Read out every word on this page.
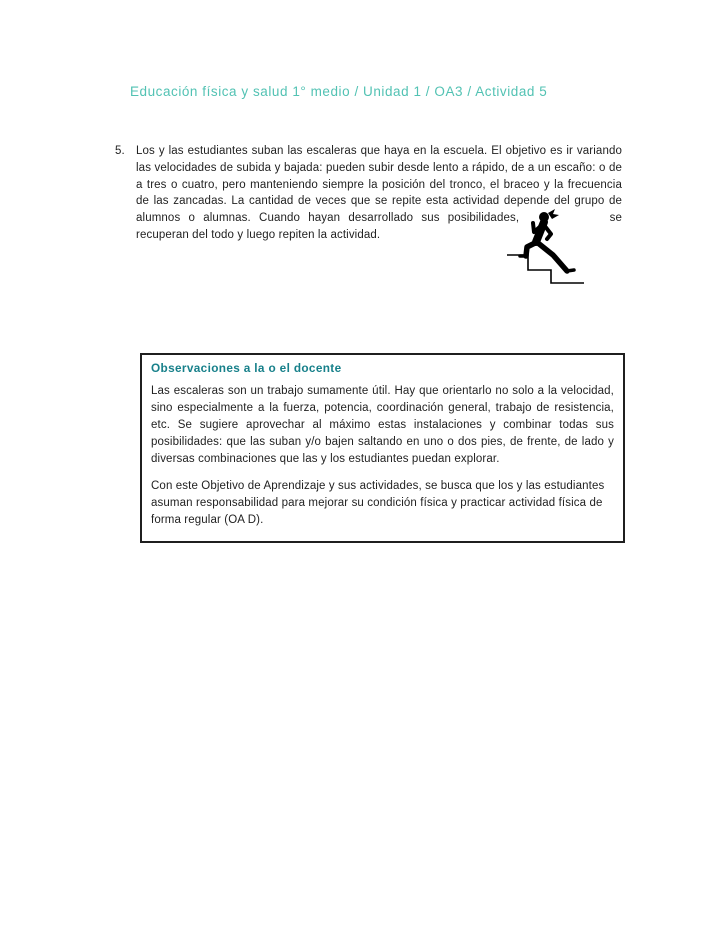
Educación física y salud 1° medio / Unidad 1 / OA3 / Actividad 5
5. Los y las estudiantes suban las escaleras que haya en la escuela. El objetivo es ir variando las velocidades de subida y bajada: pueden subir desde lento a rápido, de a un escaño: o de a tres o cuatro, pero manteniendo siempre la posición del tronco, el braceo y la frecuencia de las zancadas. La cantidad de veces que se repite esta actividad depende del grupo de alumnos o alumnas. Cuando hayan desarrollado sus posibilidades,	se recuperan del todo y luego repiten la actividad.
Observaciones a la o el docente

Las escaleras son un trabajo sumamente útil. Hay que orientarlo no solo a la velocidad, sino especialmente a la fuerza, potencia, coordinación general, trabajo de resistencia, etc. Se sugiere aprovechar al máximo estas instalaciones y combinar todas sus posibilidades: que las suban y/o bajen saltando en uno o dos pies, de frente, de lado y diversas combinaciones que las y los estudiantes puedan explorar.

Con este Objetivo de Aprendizaje y sus actividades, se busca que los y las estudiantes asuman responsabilidad para mejorar su condición física y practicar actividad física de forma regular (OA D).
